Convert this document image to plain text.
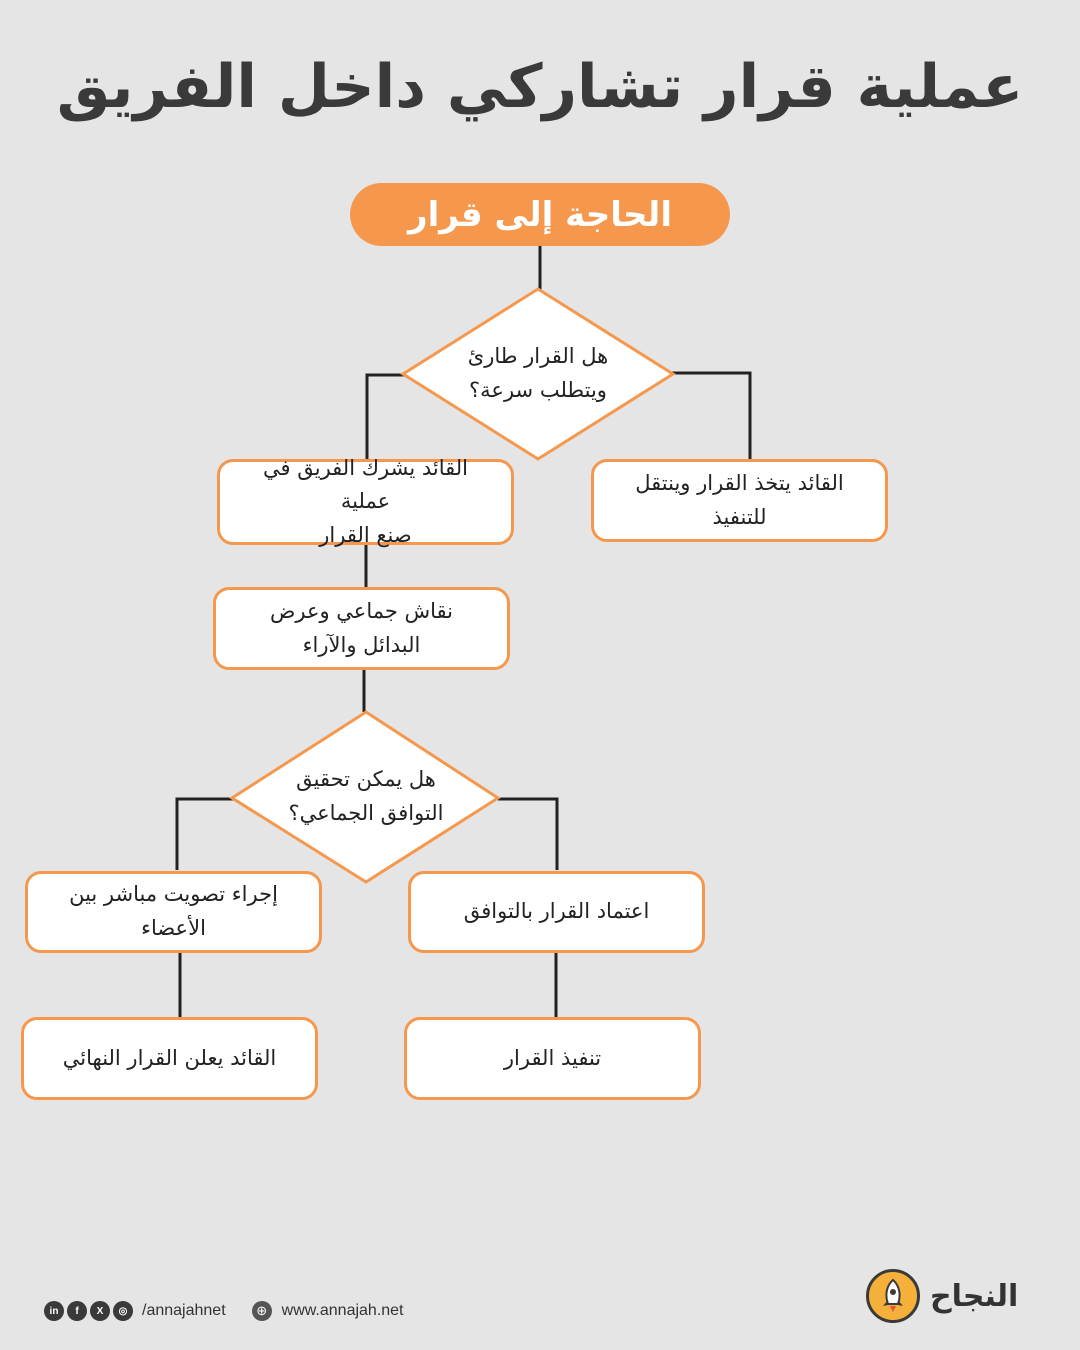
عملية قرار تشاركي داخل الفريق
الحاجة إلى قرار
هل القرار طارئ
ويتطلب سرعة؟
القائد يتخذ القرار وينتقل
للتنفيذ
القائد يشرك الفريق في عملية
صنع القرار
نقاش جماعي وعرض
البدائل والآراء
هل يمكن تحقيق
التوافق الجماعي؟
اعتماد القرار بالتوافق
إجراء تصويت مباشر بين
الأعضاء
تنفيذ القرار
القائد يعلن القرار النهائي
in	f	X	◎ /annajahnet	⊕ www.annajah.net	النجاح
